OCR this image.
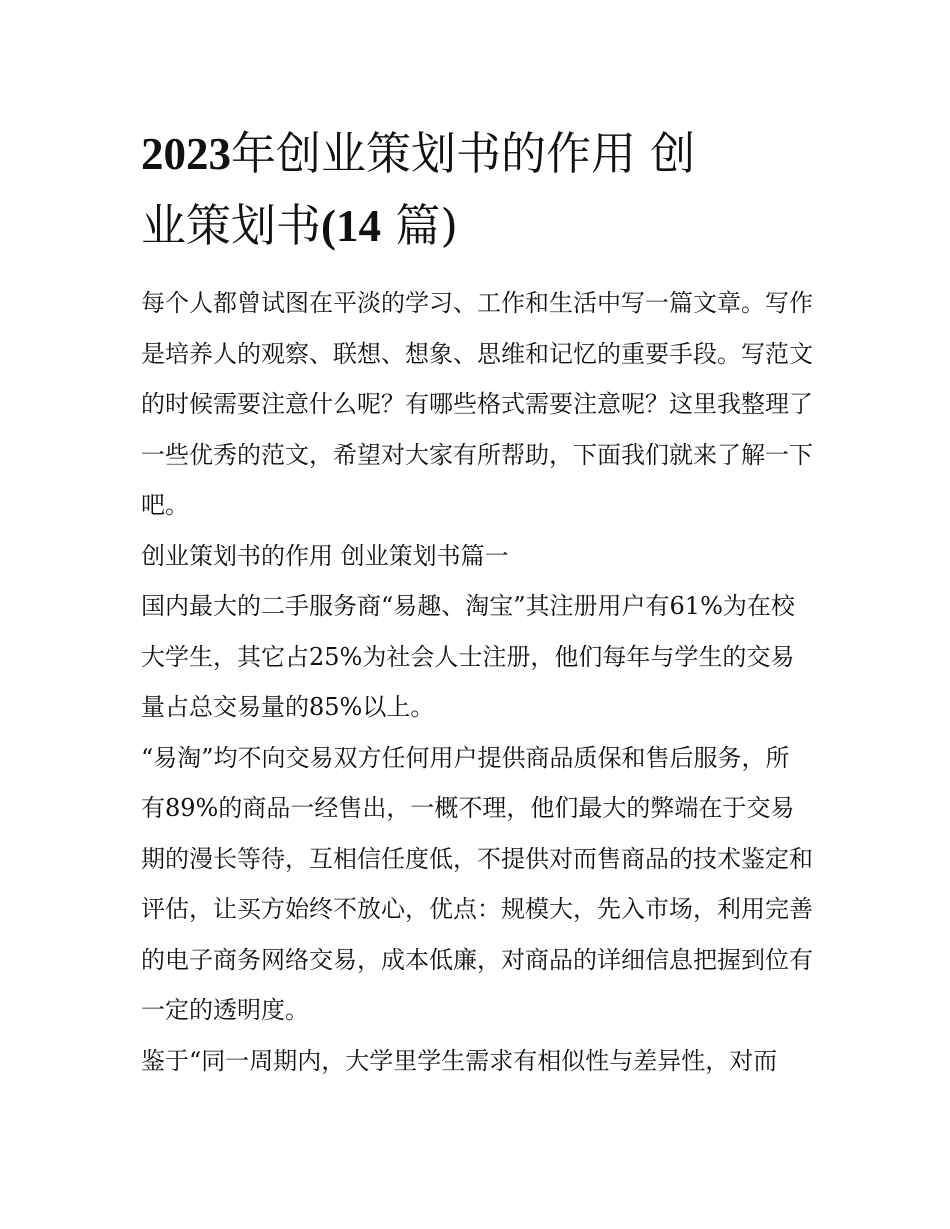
2023年创业策划书的作用 创
业策划书(14 篇)

每个人都曾试图在平淡的学习、工作和生活中写一篇文章。写作是培养人的观察、联想、想象、思维和记忆的重要手段。写范文的时候需要注意什么呢？有哪些格式需要注意呢？这里我整理了一些优秀的范文，希望对大家有所帮助，下面我们就来了解一下吧。

创业策划书的作用 创业策划书篇一

国内最大的二手服务商“易趣、淘宝”其注册用户有61%为在校大学生，其它占25%为社会人士注册，他们每年与学生的交易量占总交易量的85%以上。

“易淘”均不向交易双方任何用户提供商品质保和售后服务，所有89%的商品一经售出，一概不理，他们最大的弊端在于交易期的漫长等待，互相信任度低，不提供对而售商品的技术鉴定和评估，让买方始终不放心，优点：规模大，先入市场，利用完善的电子商务网络交易，成本低廉，对商品的详细信息把握到位有一定的透明度。

鉴于“同一周期内，大学里学生需求有相似性与差异性，对而
